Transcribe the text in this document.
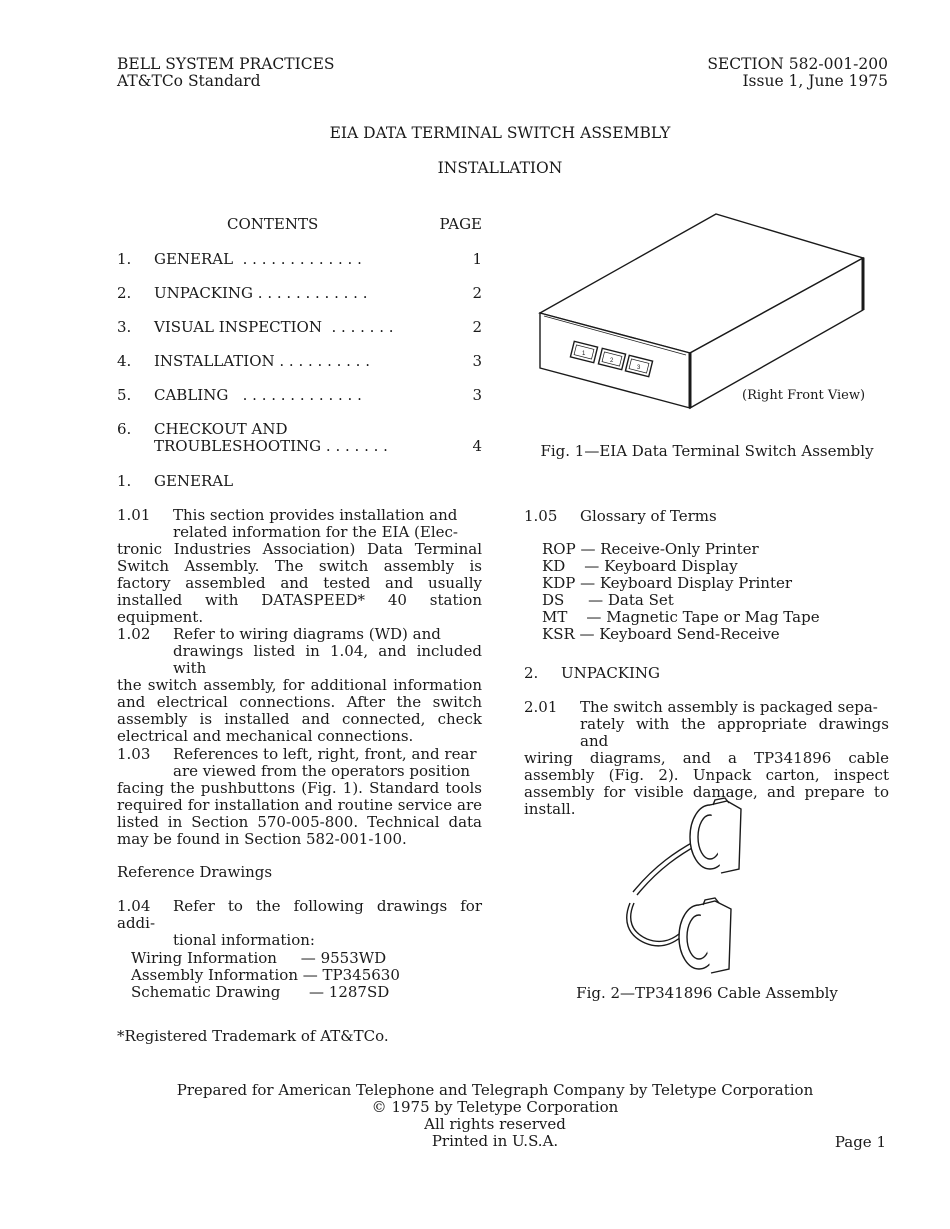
BELL SYSTEM PRACTICES
AT&TCo Standard
SECTION 582-001-200
Issue 1, June 1975
EIA DATA TERMINAL SWITCH ASSEMBLY
INSTALLATION
CONTENTS	PAGE
1. GENERAL  . . . . . . . . . . . . .	1
2. UNPACKING . . . . . . . . . . . .	2
3. VISUAL INSPECTION  . . . . . . .	2
4. INSTALLATION . . . . . . . . . .	3
5. CABLING   . . . . . . . . . . . . .	3
6. CHECKOUT AND
TROUBLESHOOTING . . . . . . .	4
1. GENERAL
1.01 This section provides installation and
related information for the EIA (Elec-
tronic Industries Association) Data Terminal Switch Assembly. The switch assembly is factory assembled and tested and usually installed with DATASPEED* 40 station equipment.
1.02 Refer to wiring diagrams (WD) and
drawings listed in 1.04, and included with
the switch assembly, for additional information and electrical connections. After the switch assembly is installed and connected, check electrical and mechanical connections.
1.03 References to left, right, front, and rear
are viewed from the operators position
facing the pushbuttons (Fig. 1). Standard tools required for installation and routine service are listed in Section 570-005-800. Technical data may be found in Section 582-001-100.
Reference Drawings
1.04 Refer to the following drawings for addi-
tional information:
Wiring Information     — 9553WD
Assembly Information — TP345630
Schematic Drawing      — 1287SD
*Registered Trademark of AT&TCo.
1
2
3
(Right Front View)
Fig. 1—EIA Data Terminal Switch Assembly
1.05 Glossary of Terms
ROP — Receive-Only Printer
KD    — Keyboard Display
KDP — Keyboard Display Printer
DS     — Data Set
MT    — Magnetic Tape or Mag Tape
KSR — Keyboard Send-Receive
2. UNPACKING
2.01 The switch assembly is packaged sepa-
rately with the appropriate drawings and
wiring diagrams, and a TP341896 cable assembly (Fig. 2). Unpack carton, inspect assembly for visible damage, and prepare to install.
Fig. 2—TP341896 Cable Assembly
Prepared for American Telephone and Telegraph Company by Teletype Corporation
© 1975 by Teletype Corporation
All rights reserved
Printed in U.S.A.	Page 1
